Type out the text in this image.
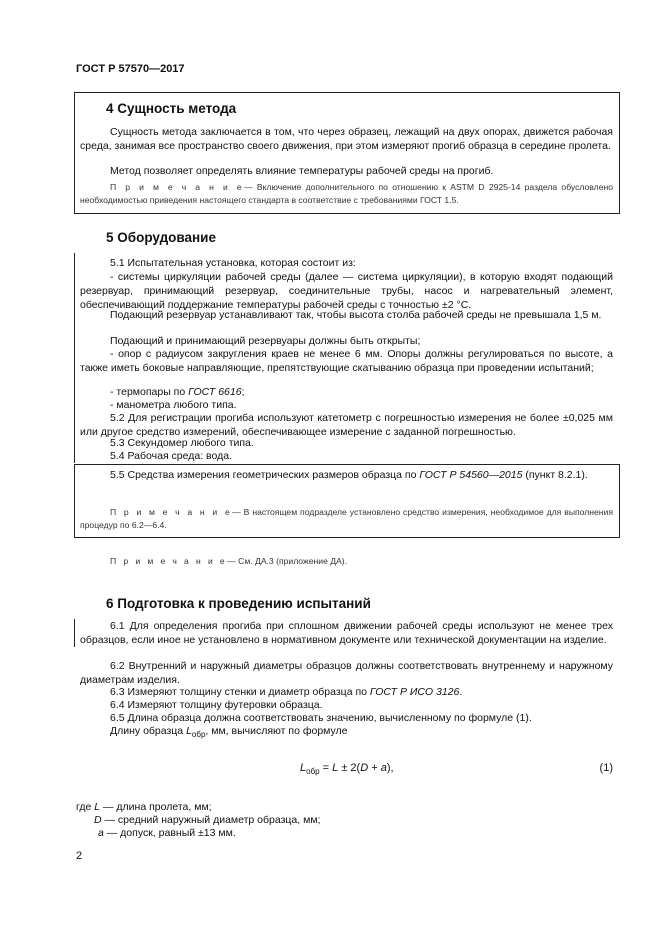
ГОСТ Р 57570—2017
4 Сущность метода
Сущность метода заключается в том, что через образец, лежащий на двух опорах, движется рабочая среда, занимая все пространство своего движения, при этом измеряют прогиб образца в середине пролета.
Метод позволяет определять влияние температуры рабочей среды на прогиб.
П р и м е ч а н и е— Включение дополнительного по отношению к ASTM D 2925-14 раздела обусловлено необходимостью приведения настоящего стандарта в соответствие с требованиями ГОСТ 1.5.
5 Оборудование
5.1 Испытательная установка, которая состоит из:
- системы циркуляции рабочей среды (далее — система циркуляции), в которую входят подающий резервуар, принимающий резервуар, соединительные трубы, насос и нагревательный элемент, обеспечивающий поддержание температуры рабочей среды с точностью ±2 °С.
Подающий резервуар устанавливают так, чтобы высота столба рабочей среды не превышала 1,5 м.
Подающий и принимающий резервуары должны быть открыты;
- опор с радиусом закругления краев не менее 6 мм. Опоры должны регулироваться по высоте, а также иметь боковые направляющие, препятствующие скатыванию образца при проведении испытаний;
- термопары по ГОСТ 6616;
- манометра любого типа.
5.2 Для регистрации прогиба используют катетометр с погрешностью измерения не более ±0,025 мм или другое средство измерений, обеспечивающее измерение с заданной погрешностью.
5.3 Секундомер любого типа.
5.4 Рабочая среда: вода.
5.5 Средства измерения геометрических размеров образца по ГОСТ Р 54560—2015 (пункт 8.2.1).
П р и м е ч а н и е— В настоящем подразделе установлено средство измерения, необходимое для выполнения процедур по 6.2—6.4.
П р и м е ч а н и е— См. ДА.3 (приложение ДА).
6 Подготовка к проведению испытаний
6.1 Для определения прогиба при сплошном движении рабочей среды используют не менее трех образцов, если иное не установлено в нормативном документе или технической документации на изделие.
6.2 Внутренний и наружный диаметры образцов должны соответствовать внутреннему и наружному диаметрам изделия.
6.3 Измеряют толщину стенки и диаметр образца по ГОСТ Р ИСО 3126.
6.4 Измеряют толщину футеровки образца.
6.5 Длина образца должна соответствовать значению, вычисленному по формуле (1).
Длину образца $L_{обр}$, мм, вычисляют по формуле
$L_{обр} = L \pm 2(D + a)$,	(1)
где L — длина пролета, мм;
D — средний наружный диаметр образца, мм;
a — допуск, равный ±13 мм.
2
